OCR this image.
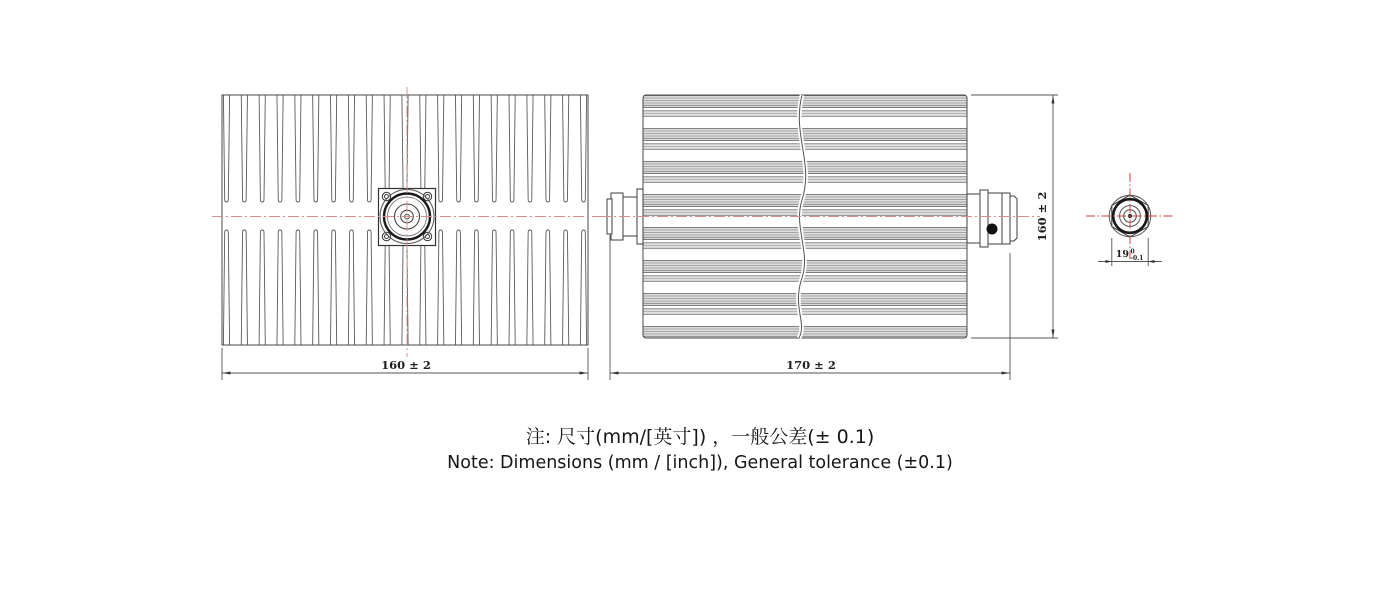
160 ± 2	170 ± 2
160 ± 2
19 0
-0.1
注: 尺寸(mm/[英寸]) ，一般公差(± 0.1)
Note: Dimensions (mm / [inch]), General tolerance (±0.1)
